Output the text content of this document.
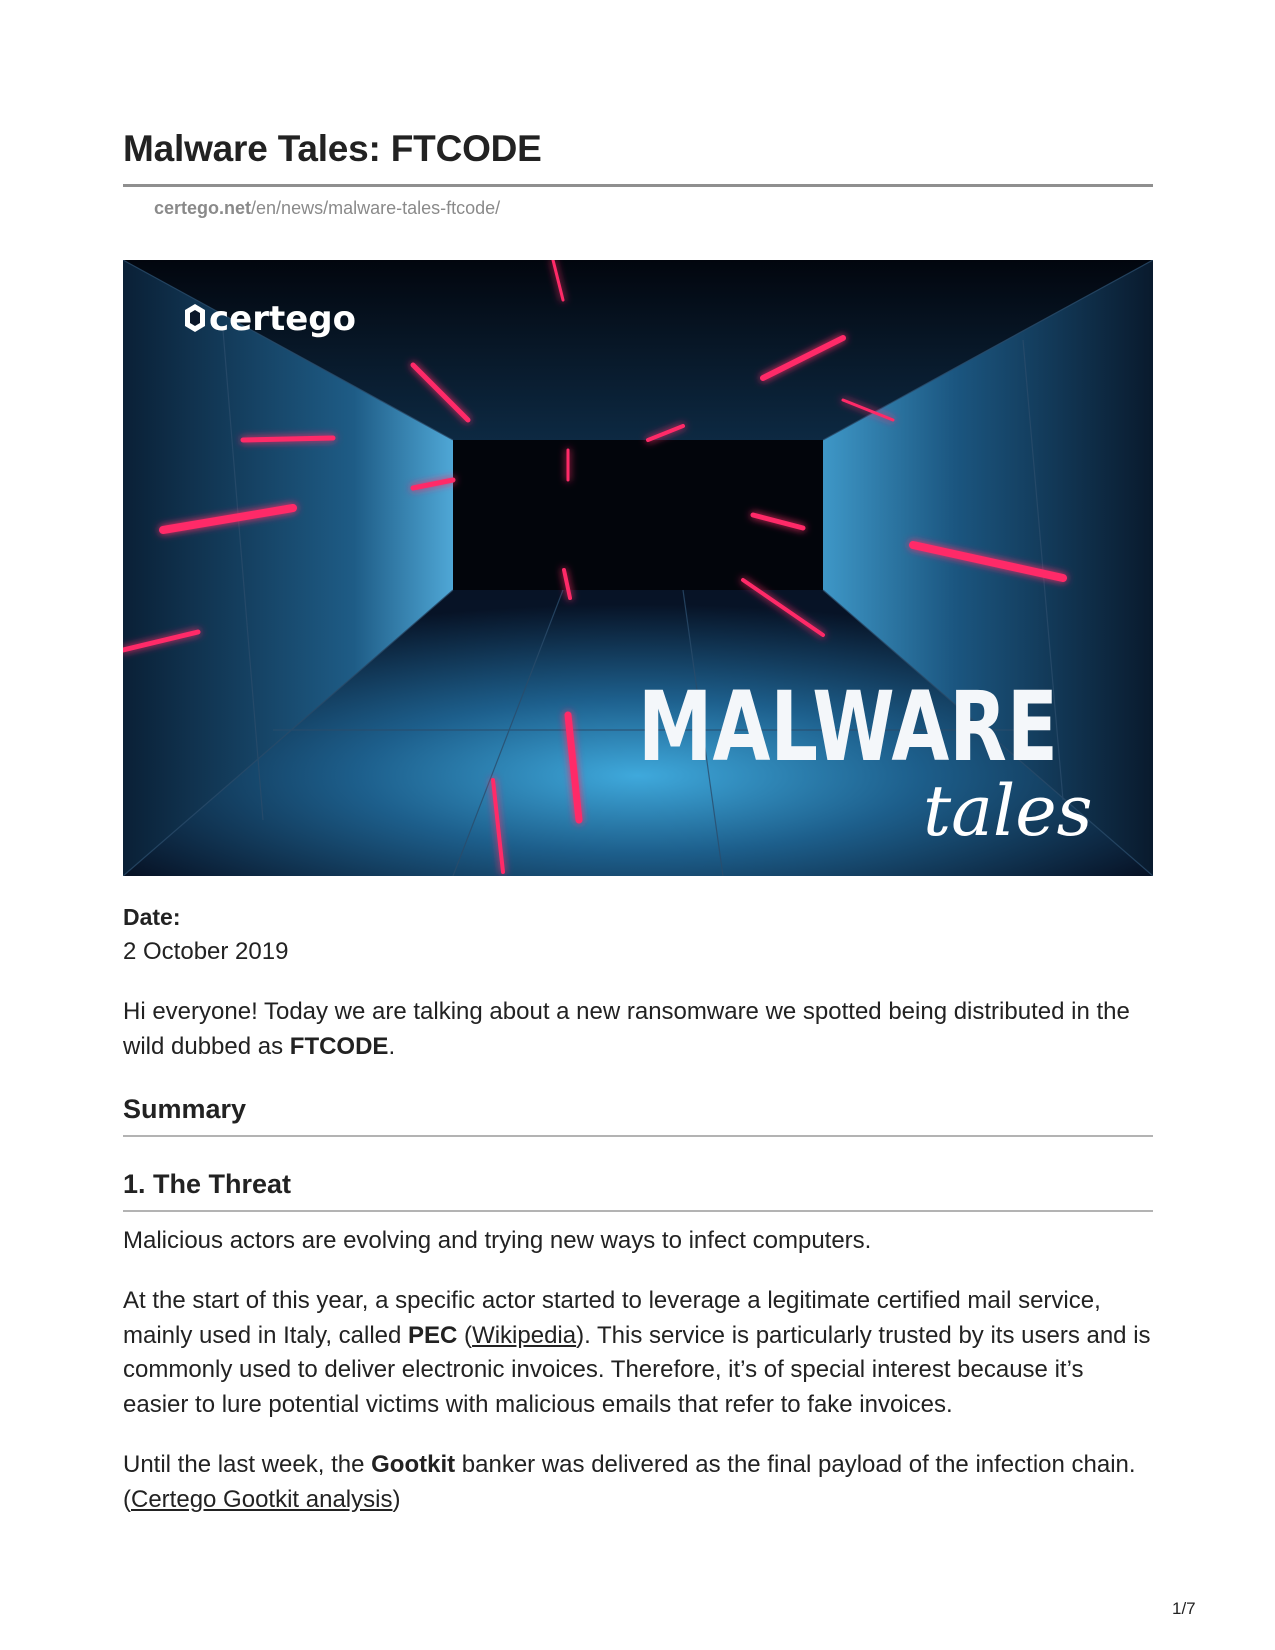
Malware Tales: FTCODE
certego.net/en/news/malware-tales-ftcode/
certego
MALWARE
tales
Date:
2 October 2019

Hi everyone! Today we are talking about a new ransomware we spotted being distributed in the wild dubbed as FTCODE.

Summary
1. The Threat

Malicious actors are evolving and trying new ways to infect computers.

At the start of this year, a specific actor started to leverage a legitimate certified mail service, mainly used in Italy, called PEC (Wikipedia). This service is particularly trusted by its users and is commonly used to deliver electronic invoices. Therefore, it’s of special interest because it’s easier to lure potential victims with malicious emails that refer to fake invoices.

Until the last week, the Gootkit banker was delivered as the final payload of the infection chain. (Certego Gootkit analysis)

1/7
